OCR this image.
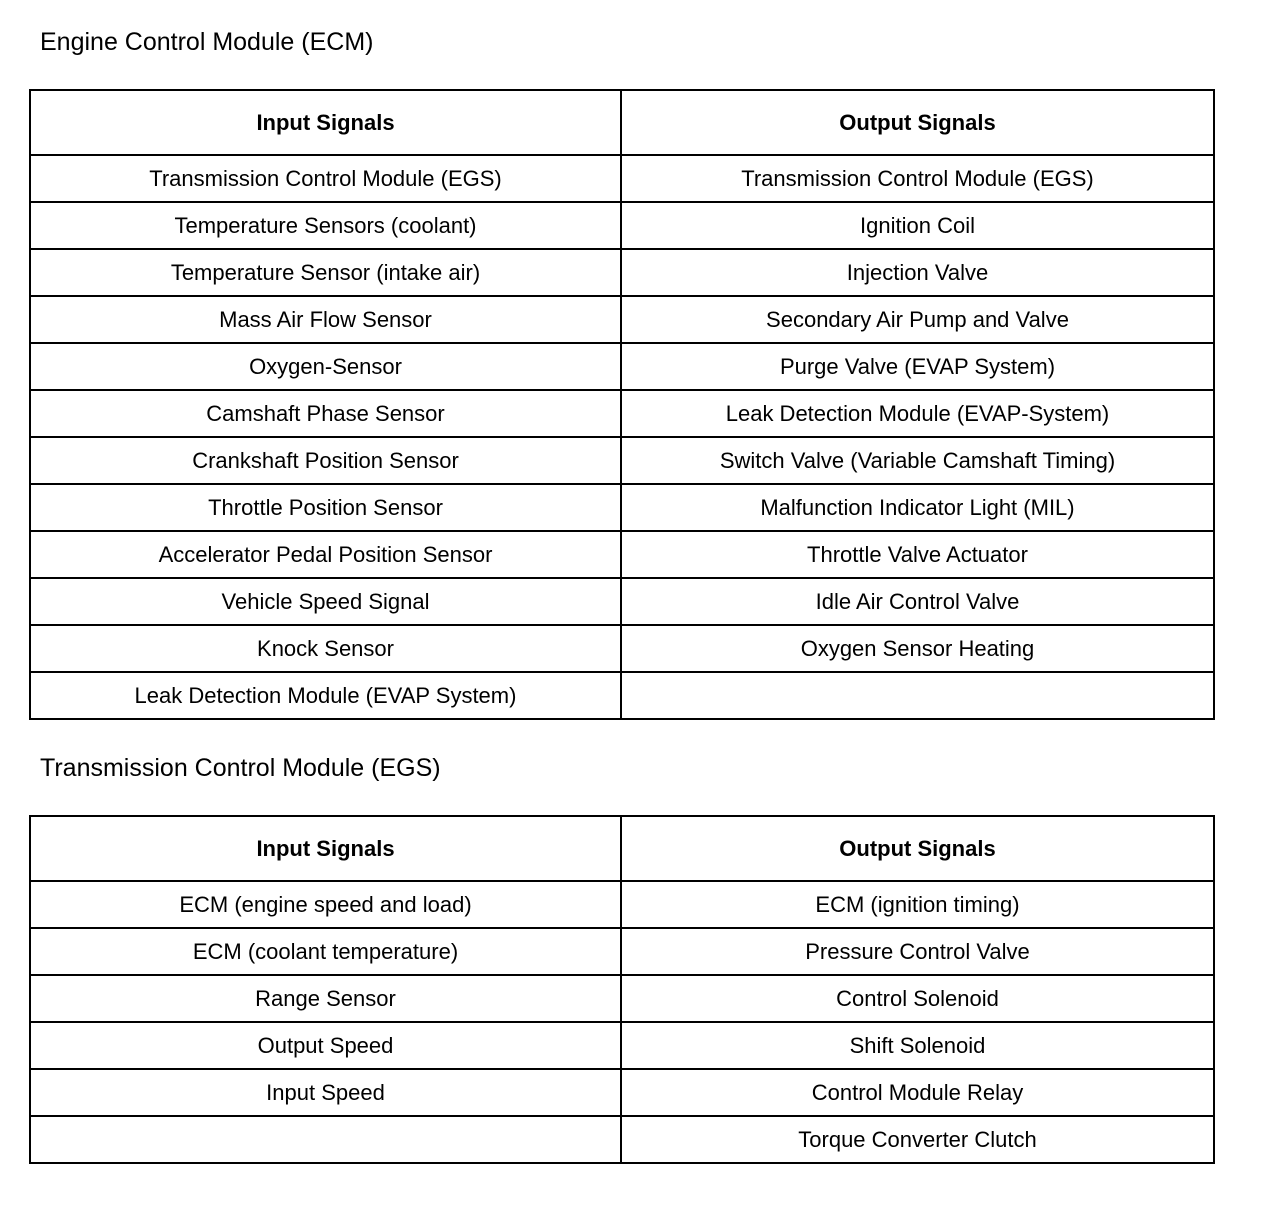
Engine Control Module (ECM)
Input Signals	Output Signals
Transmission Control Module (EGS)	Transmission Control Module (EGS)
Temperature Sensors (coolant)	Ignition Coil
Temperature Sensor (intake air)	Injection Valve
Mass Air Flow Sensor	Secondary Air Pump and Valve
Oxygen-Sensor	Purge Valve (EVAP System)
Camshaft Phase Sensor	Leak Detection Module (EVAP-System)
Crankshaft Position Sensor	Switch Valve (Variable Camshaft Timing)
Throttle Position Sensor	Malfunction Indicator Light (MIL)
Accelerator Pedal Position Sensor	Throttle Valve Actuator
Vehicle Speed Signal	Idle Air Control Valve
Knock Sensor	Oxygen Sensor Heating
Leak Detection Module (EVAP System)	
Transmission Control Module (EGS)
Input Signals	Output Signals
ECM (engine speed and load)	ECM (ignition timing)
ECM (coolant temperature)	Pressure Control Valve
Range Sensor	Control Solenoid
Output Speed	Shift Solenoid
Input Speed	Control Module Relay
	Torque Converter Clutch
